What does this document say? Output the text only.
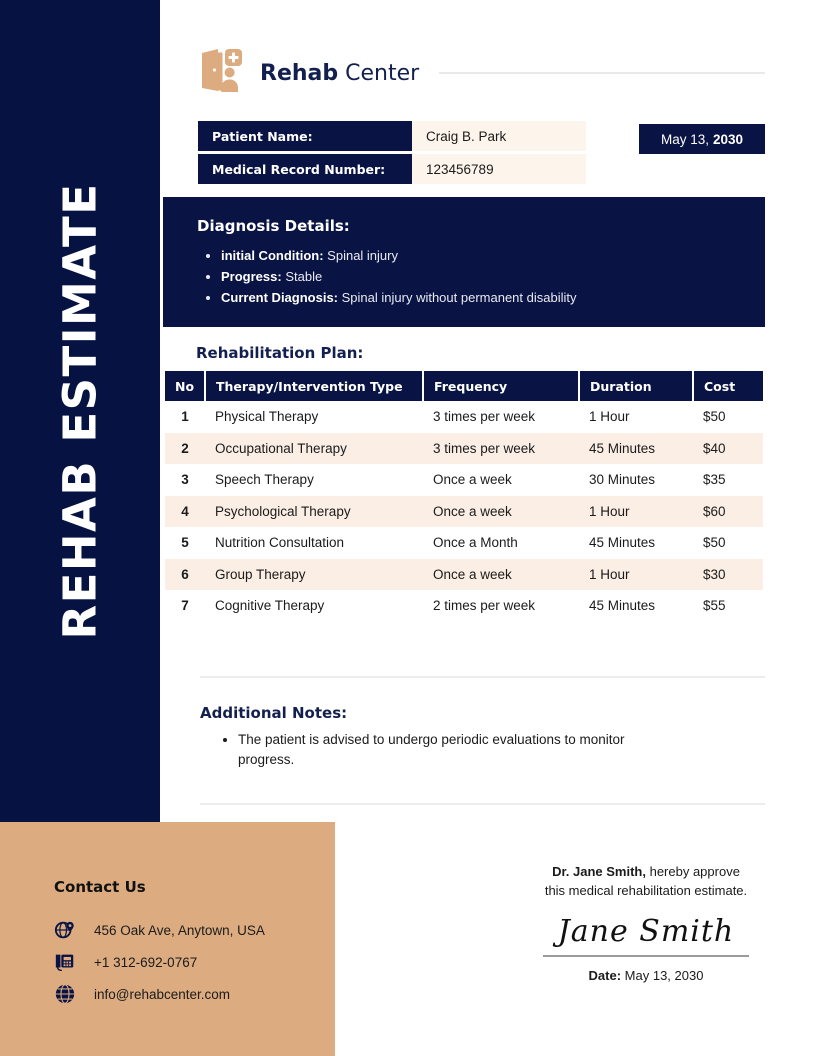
REHAB ESTIMATE
Contact Us
456 Oak Ave, Anytown, USA
+1 312-692-0767
info@rehabcenter.com
Rehab Center
Patient Name:	Craig B. Park

Medical Record Number:	123456789
May 13, 2030
Diagnosis Details:
• initial Condition: Spinal injury
• Progress: Stable
• Current Diagnosis: Spinal injury without permanent disability
Rehabilitation Plan:
No	Therapy/Intervention Type	Frequency	Duration	Cost
1	Physical Therapy	3 times per week	1 Hour	$50
2	Occupational Therapy	3 times per week	45 Minutes	$40
3	Speech Therapy	Once a week	30 Minutes	$35
4	Psychological Therapy	Once a week	1 Hour	$60
5	Nutrition Consultation	Once a Month	45 Minutes	$50
6	Group Therapy	Once a week	1 Hour	$30
7	Cognitive Therapy	2 times per week	45 Minutes	$55
			Subtotal	$320
Additional Notes:
• The patient is advised to undergo periodic evaluations to monitor progress.
Dr. Jane Smith, hereby approve
this medical rehabilitation estimate.
Jane Smith
Date: May 13, 2030
